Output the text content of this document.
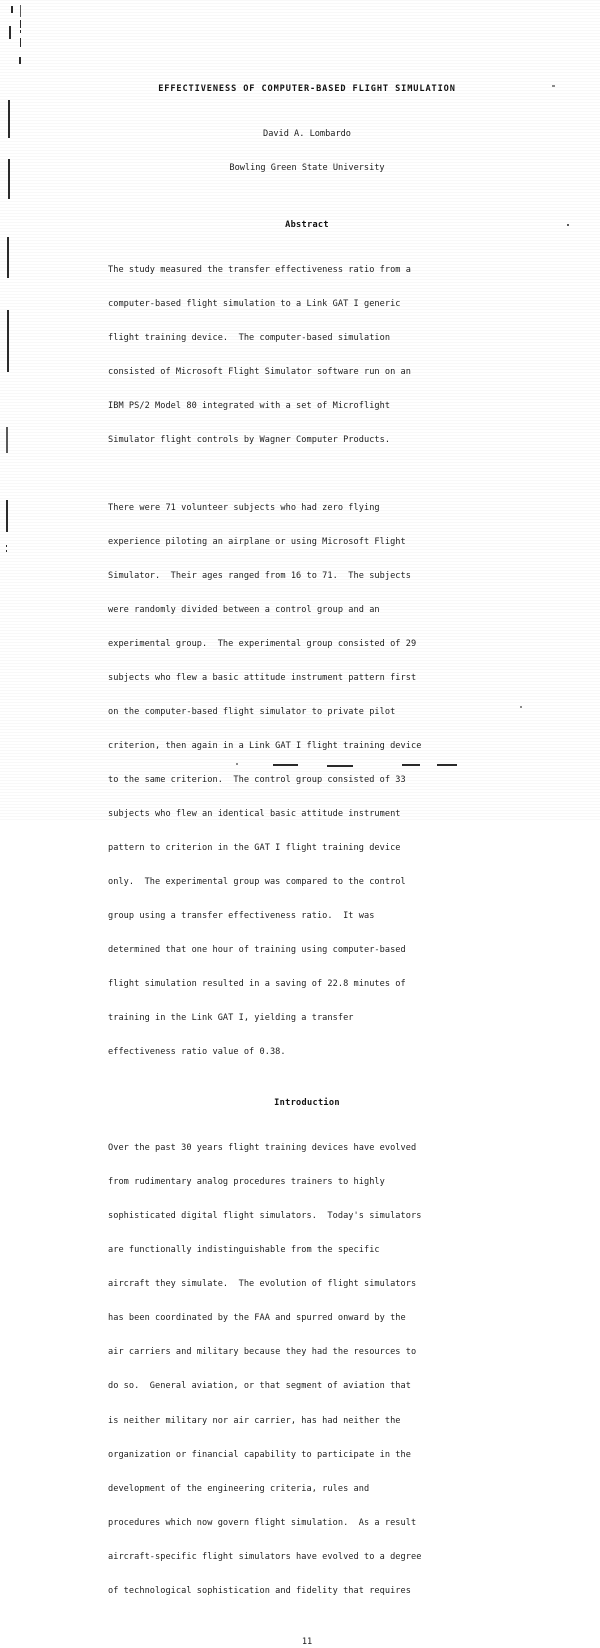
EFFECTIVENESS OF COMPUTER-BASED FLIGHT SIMULATION

David A. Lombardo

Bowling Green State University

Abstract

The study measured the transfer effectiveness ratio from a

computer-based flight simulation to a Link GAT I generic

flight training device.  The computer-based simulation

consisted of Microsoft Flight Simulator software run on an

IBM PS/2 Model 80 integrated with a set of Microflight

Simulator flight controls by Wagner Computer Products.

There were 71 volunteer subjects who had zero flying

experience piloting an airplane or using Microsoft Flight

Simulator.  Their ages ranged from 16 to 71.  The subjects

were randomly divided between a control group and an

experimental group.  The experimental group consisted of 29

subjects who flew a basic attitude instrument pattern first

on the computer-based flight simulator to private pilot

criterion, then again in a Link GAT I flight training device

to the same criterion.  The control group consisted of 33

subjects who flew an identical basic attitude instrument

pattern to criterion in the GAT I flight training device

only.  The experimental group was compared to the control

group using a transfer effectiveness ratio.  It was

determined that one hour of training using computer-based

flight simulation resulted in a saving of 22.8 minutes of

training in the Link GAT I, yielding a transfer

effectiveness ratio value of 0.38.

Introduction

Over the past 30 years flight training devices have evolved

from rudimentary analog procedures trainers to highly

sophisticated digital flight simulators.  Today's simulators

are functionally indistinguishable from the specific

aircraft they simulate.  The evolution of flight simulators

has been coordinated by the FAA and spurred onward by the

air carriers and military because they had the resources to

do so.  General aviation, or that segment of aviation that

is neither military nor air carrier, has had neither the

organization or financial capability to participate in the

development of the engineering criteria, rules and

procedures which now govern flight simulation.  As a result

aircraft-specific flight simulators have evolved to a degree

of technological sophistication and fidelity that requires

11
